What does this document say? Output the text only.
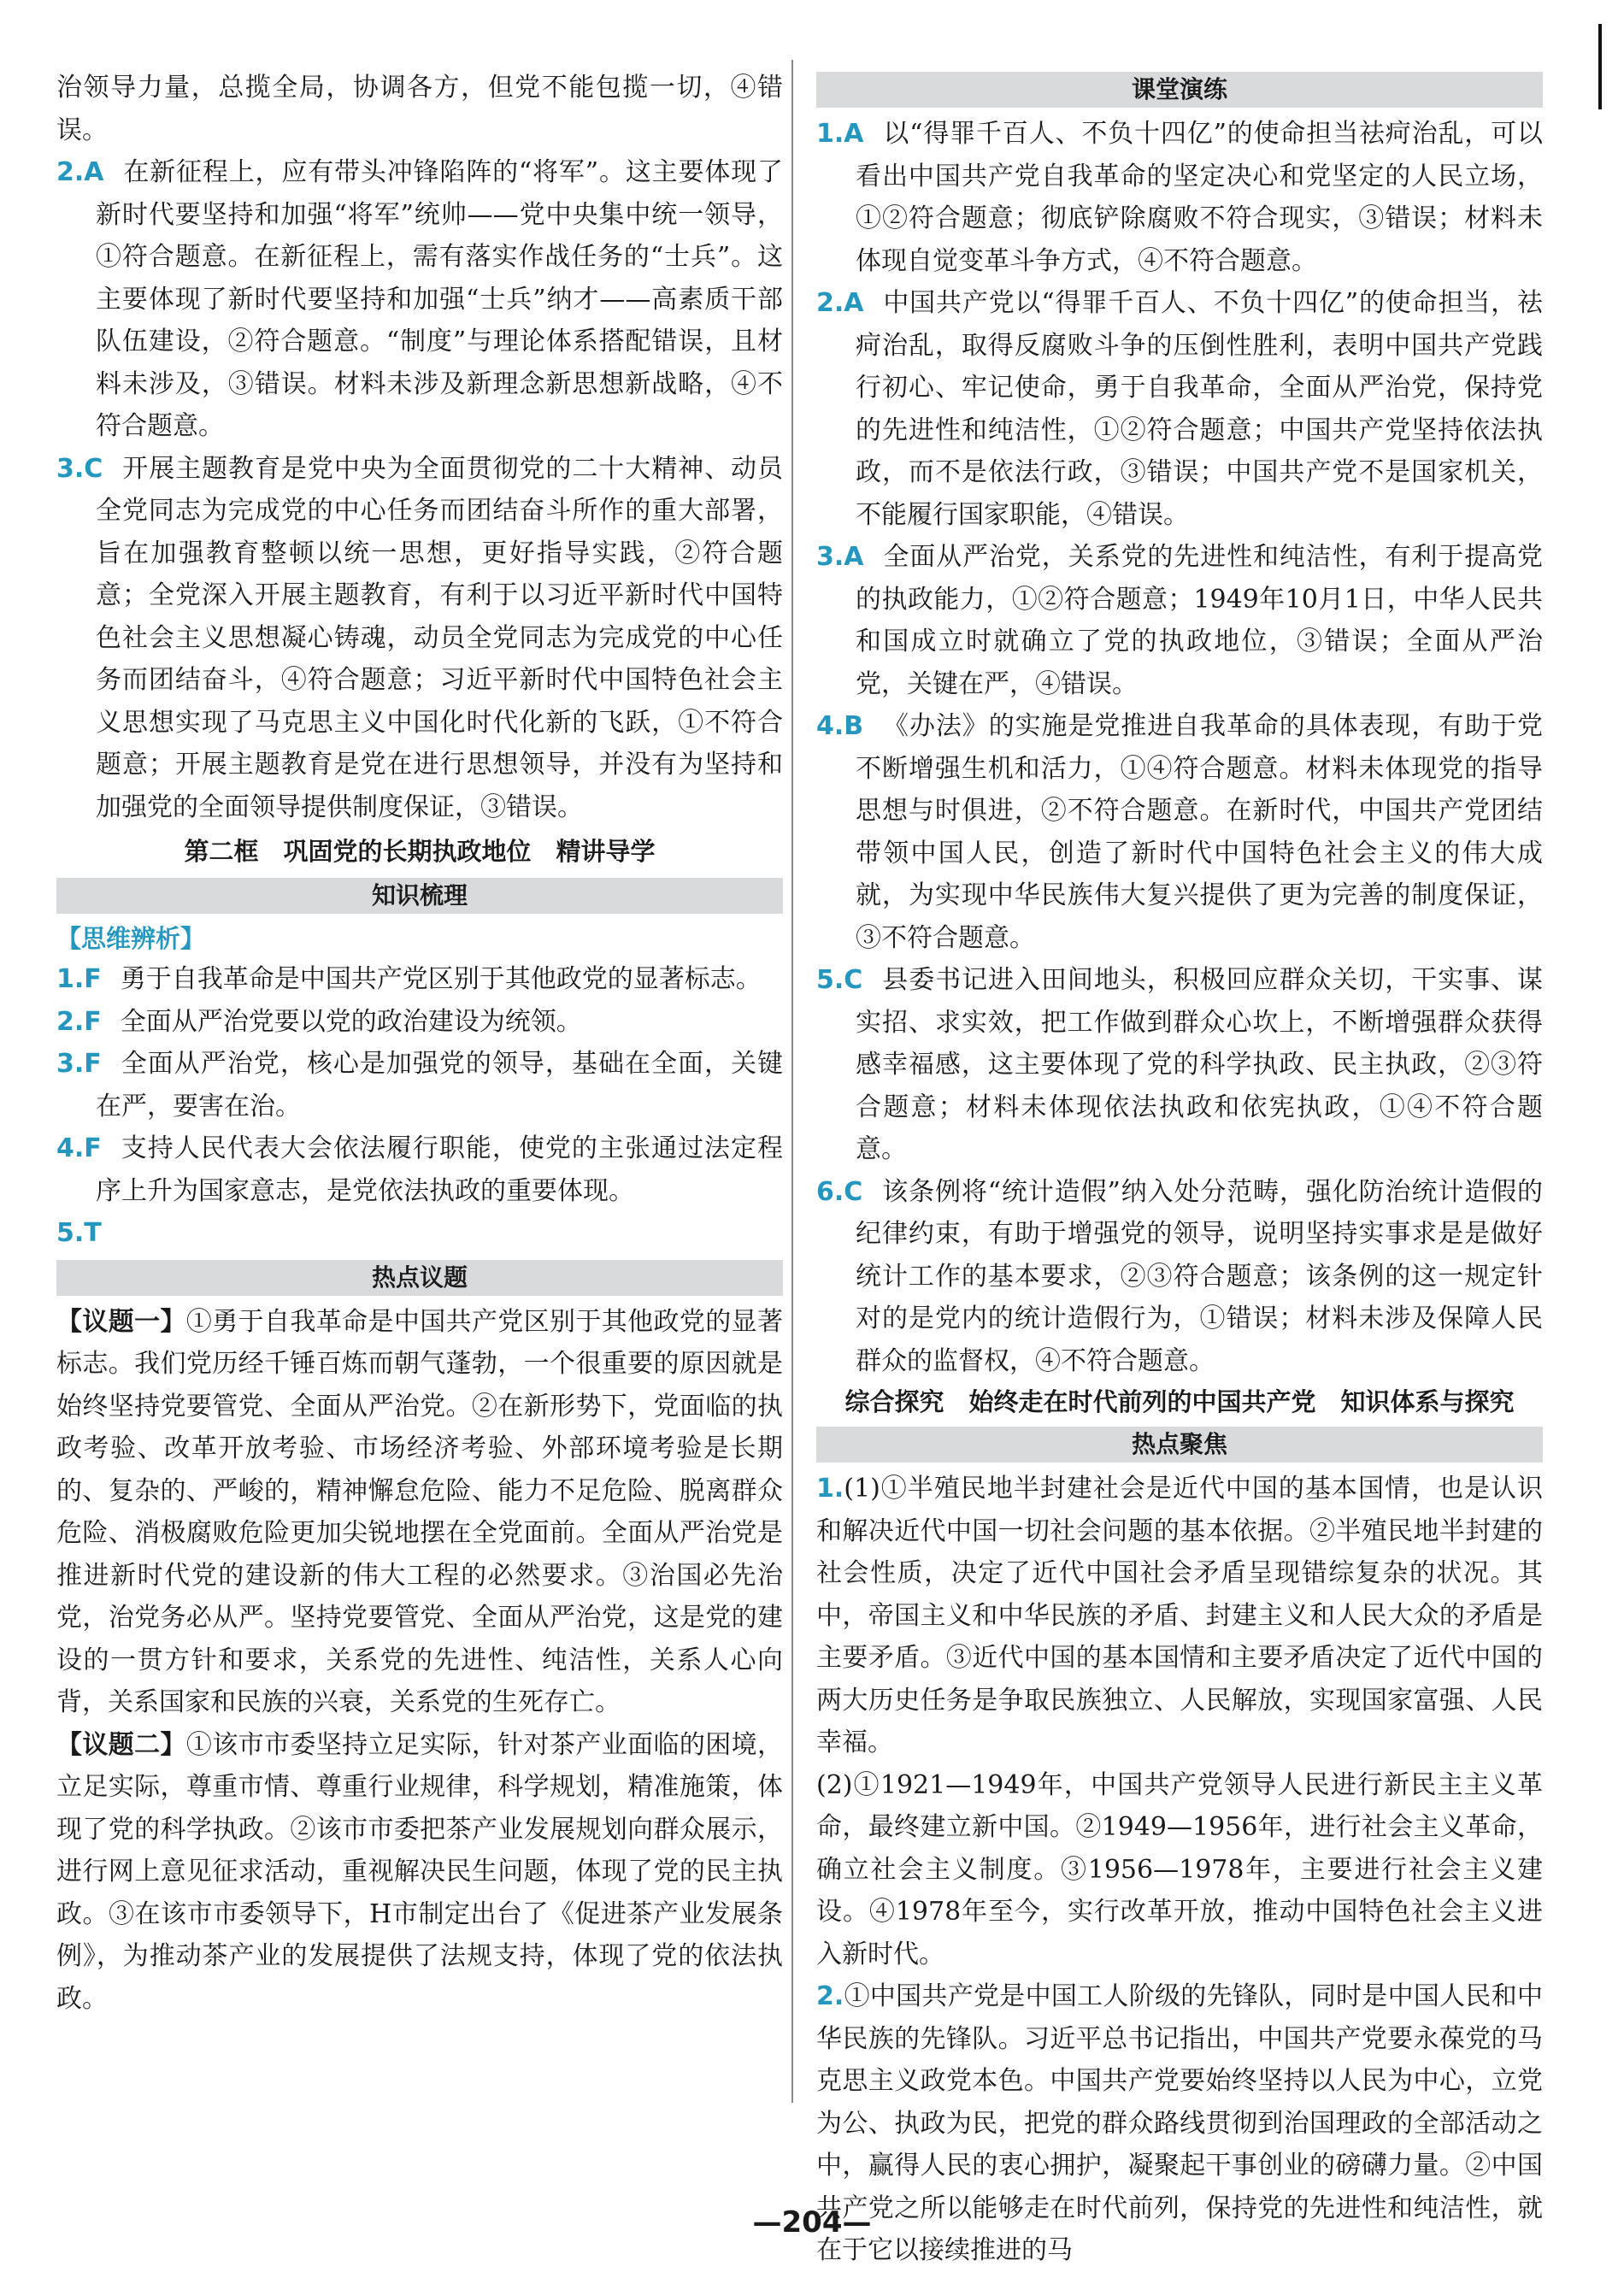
治领导力量，总揽全局，协调各方，但党不能包揽一切，④错误。

2.A 在新征程上，应有带头冲锋陷阵的“将军”。这主要体现了新时代要坚持和加强“将军”统帅——党中央集中统一领导，①符合题意。在新征程上，需有落实作战任务的“士兵”。这主要体现了新时代要坚持和加强“士兵”纳才——高素质干部队伍建设，②符合题意。“制度”与理论体系搭配错误，且材料未涉及，③错误。材料未涉及新理念新思想新战略，④不符合题意。

3.C 开展主题教育是党中央为全面贯彻党的二十大精神、动员全党同志为完成党的中心任务而团结奋斗所作的重大部署，旨在加强教育整顿以统一思想，更好指导实践，②符合题意；全党深入开展主题教育，有利于以习近平新时代中国特色社会主义思想凝心铸魂，动员全党同志为完成党的中心任务而团结奋斗，④符合题意；习近平新时代中国特色社会主义思想实现了马克思主义中国化时代化新的飞跃，①不符合题意；开展主题教育是党在进行思想领导，并没有为坚持和加强党的全面领导提供制度保证，③错误。

第二框　巩固党的长期执政地位　精讲导学
知识梳理
【思维辨析】

1.F 勇于自我革命是中国共产党区别于其他政党的显著标志。

2.F 全面从严治党要以党的政治建设为统领。

3.F 全面从严治党，核心是加强党的领导，基础在全面，关键在严，要害在治。

4.F 支持人民代表大会依法履行职能，使党的主张通过法定程序上升为国家意志，是党依法执政的重要体现。

5.T

热点议题

【议题一】①勇于自我革命是中国共产党区别于其他政党的显著标志。我们党历经千锤百炼而朝气蓬勃，一个很重要的原因就是始终坚持党要管党、全面从严治党。②在新形势下，党面临的执政考验、改革开放考验、市场经济考验、外部环境考验是长期的、复杂的、严峻的，精神懈怠危险、能力不足危险、脱离群众危险、消极腐败危险更加尖锐地摆在全党面前。全面从严治党是推进新时代党的建设新的伟大工程的必然要求。③治国必先治党，治党务必从严。坚持党要管党、全面从严治党，这是党的建设的一贯方针和要求，关系党的先进性、纯洁性，关系人心向背，关系国家和民族的兴衰，关系党的生死存亡。

【议题二】①该市市委坚持立足实际，针对茶产业面临的困境，立足实际，尊重市情、尊重行业规律，科学规划，精准施策，体现了党的科学执政。②该市市委把茶产业发展规划向群众展示，进行网上意见征求活动，重视解决民生问题，体现了党的民主执政。③在该市市委领导下，H市制定出台了《促进茶产业发展条例》，为推动茶产业的发展提供了法规支持，体现了党的依法执政。

课堂演练

1.A 以“得罪千百人、不负十四亿”的使命担当祛疴治乱，可以看出中国共产党自我革命的坚定决心和党坚定的人民立场，①②符合题意；彻底铲除腐败不符合现实，③错误；材料未体现自觉变革斗争方式，④不符合题意。

2.A 中国共产党以“得罪千百人、不负十四亿”的使命担当，祛疴治乱，取得反腐败斗争的压倒性胜利，表明中国共产党践行初心、牢记使命，勇于自我革命，全面从严治党，保持党的先进性和纯洁性，①②符合题意；中国共产党坚持依法执政，而不是依法行政，③错误；中国共产党不是国家机关，不能履行国家职能，④错误。

3.A 全面从严治党，关系党的先进性和纯洁性，有利于提高党的执政能力，①②符合题意；1949年10月1日，中华人民共和国成立时就确立了党的执政地位，③错误；全面从严治党，关键在严，④错误。

4.B 《办法》的实施是党推进自我革命的具体表现，有助于党不断增强生机和活力，①④符合题意。材料未体现党的指导思想与时俱进，②不符合题意。在新时代，中国共产党团结带领中国人民，创造了新时代中国特色社会主义的伟大成就，为实现中华民族伟大复兴提供了更为完善的制度保证，③不符合题意。

5.C 县委书记进入田间地头，积极回应群众关切，干实事、谋实招、求实效，把工作做到群众心坎上，不断增强群众获得感幸福感，这主要体现了党的科学执政、民主执政，②③符合题意；材料未体现依法执政和依宪执政，①④不符合题意。

6.C 该条例将“统计造假”纳入处分范畴，强化防治统计造假的纪律约束，有助于增强党的领导，说明坚持实事求是是做好统计工作的基本要求，②③符合题意；该条例的这一规定针对的是党内的统计造假行为，①错误；材料未涉及保障人民群众的监督权，④不符合题意。

综合探究　始终走在时代前列的中国共产党　知识体系与探究
热点聚焦

1.(1)①半殖民地半封建社会是近代中国的基本国情，也是认识和解决近代中国一切社会问题的基本依据。②半殖民地半封建的社会性质，决定了近代中国社会矛盾呈现错综复杂的状况。其中，帝国主义和中华民族的矛盾、封建主义和人民大众的矛盾是主要矛盾。③近代中国的基本国情和主要矛盾决定了近代中国的两大历史任务是争取民族独立、人民解放，实现国家富强、人民幸福。

(2)①1921—1949年，中国共产党领导人民进行新民主主义革命，最终建立新中国。②1949—1956年，进行社会主义革命，确立社会主义制度。③1956—1978年，主要进行社会主义建设。④1978年至今，实行改革开放，推动中国特色社会主义进入新时代。

2.①中国共产党是中国工人阶级的先锋队，同时是中国人民和中华民族的先锋队。习近平总书记指出，中国共产党要永葆党的马克思主义政党本色。中国共产党要始终坚持以人民为中心，立党为公、执政为民，把党的群众路线贯彻到治国理政的全部活动之中，赢得人民的衷心拥护，凝聚起干事创业的磅礴力量。②中国共产党之所以能够走在时代前列，保持党的先进性和纯洁性，就在于它以接续推进的马

—204—
